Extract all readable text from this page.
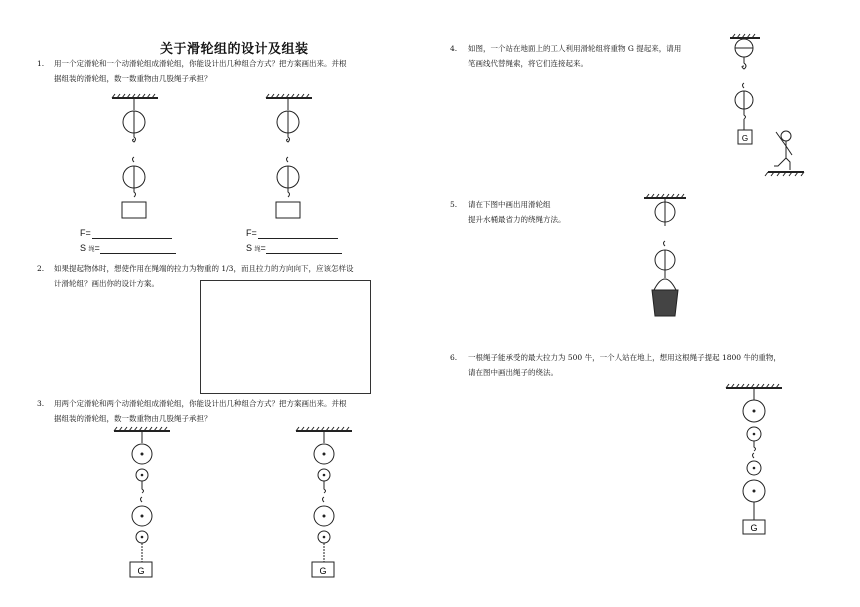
关于滑轮组的设计及组装
1. 用一个定滑轮和一个动滑轮组成滑轮组，你能设计出几种组合方式？把方案画出来。并根
据组装的滑轮组，数一数重物由几股绳子承担？
F=
S 绳=
F=
S 绳=
2. 如果提起物体时，想使作用在绳端的拉力为物重的 1/3，而且拉力的方向向下，应该怎样设
计滑轮组？画出你的设计方案。
3. 用两个定滑轮和两个动滑轮组成滑轮组，你能设计出几种组合方式？把方案画出来。并根
据组装的滑轮组，数一数重物由几股绳子承担？
G	G
4. 如图，一个站在地面上的工人利用滑轮组将重物 G 提起来，请用
笔画线代替绳索，将它们连接起来。
G
5. 请在下图中画出用滑轮组
提升水桶最省力的绕绳方法。
6. 一根绳子能承受的最大拉力为 500 牛，一个人站在地上，想用这根绳子提起 1800 牛的重物，
请在图中画出绳子的绕法。
G
